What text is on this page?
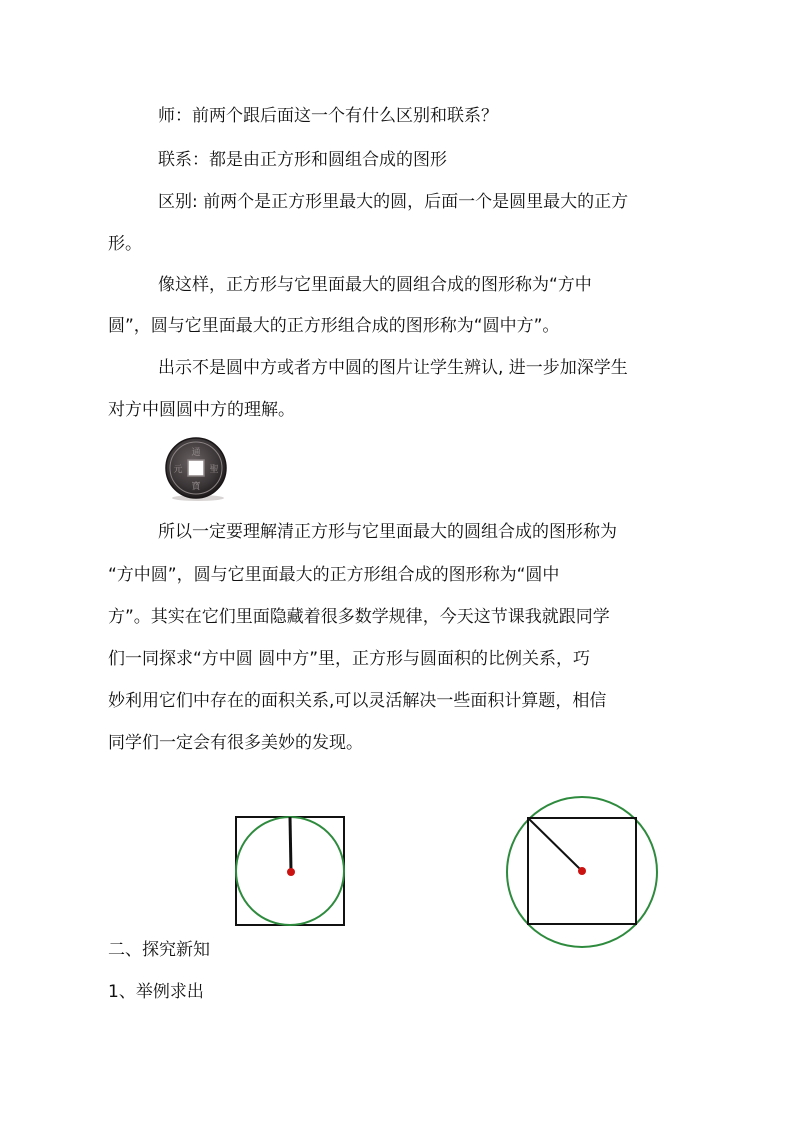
师：前两个跟后面这一个有什么区别和联系？
联系：都是由正方形和圆组合成的图形
区别: 前两个是正方形里最大的圆，后面一个是圆里最大的正方
形。
像这样，正方形与它里面最大的圆组合成的图形称为“方中
圆”，圆与它里面最大的正方形组合成的图形称为“圆中方”。
出示不是圆中方或者方中圆的图片让学生辨认, 进一步加深学生
对方中圆圆中方的理解。
通
寶
元	聖
所以一定要理解清正方形与它里面最大的圆组合成的图形称为
“方中圆”，圆与它里面最大的正方形组合成的图形称为“圆中
方”。其实在它们里面隐藏着很多数学规律，今天这节课我就跟同学
们一同探求“方中圆 圆中方”里，正方形与圆面积的比例关系，巧
妙利用它们中存在的面积关系,可以灵活解决一些面积计算题，相信
同学们一定会有很多美妙的发现。
二、探究新知
1、举例求出
